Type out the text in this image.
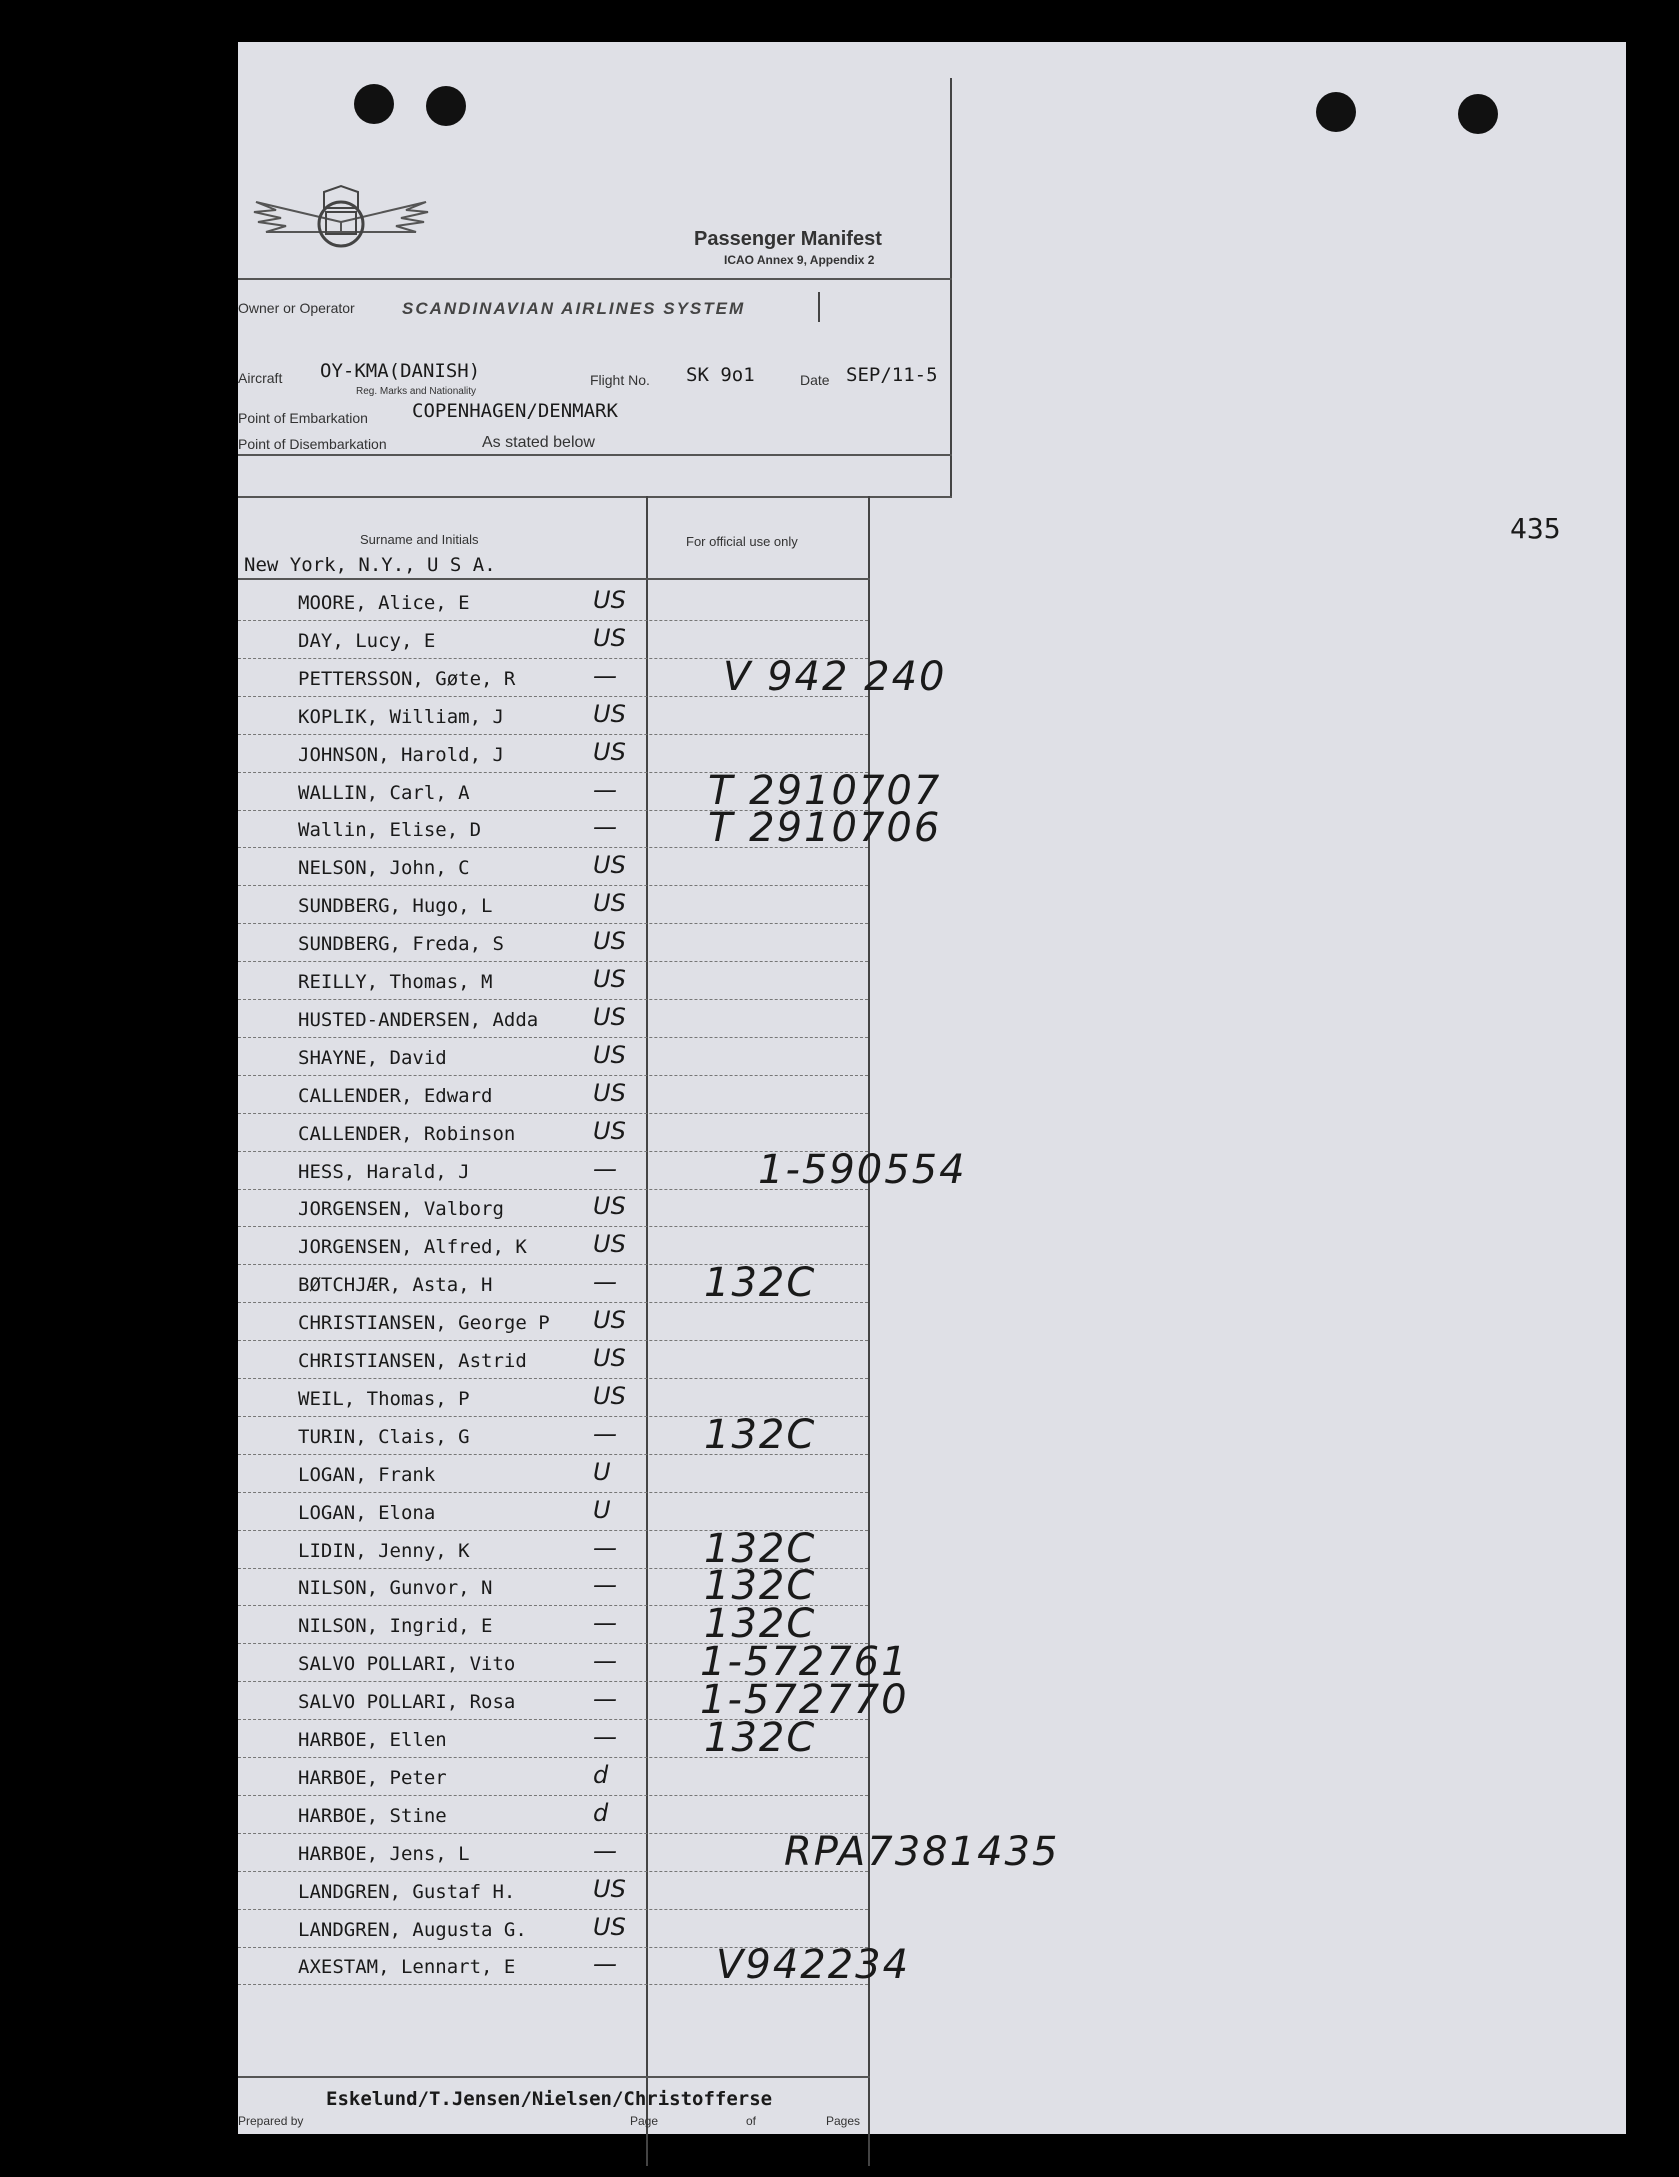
Passenger Manifest
ICAO Annex 9, Appendix 2
Owner or Operator	SCANDINAVIAN AIRLINES SYSTEM
Aircraft OY-KMA(DANISH)
Reg. Marks and Nationality
Flight No. SK 9o1	Date SEP/11-5
Point of Embarkation COPENHAGEN/DENMARK
Point of Disembarkation	As stated below
Surname and Initials	For official use only
New York, N.Y., U S A.
435
MOORE, Alice, E	US
DAY, Lucy, E	US
PETTERSSON, Gøte, R	—	V 942 240
KOPLIK, William, J	US
JOHNSON, Harold, J	US
WALLIN, Carl, A	— T 2910707
Wallin, Elise, D	— T 2910706
NELSON, John, C	US
SUNDBERG, Hugo, L	US
SUNDBERG, Freda, S	US
REILLY, Thomas, M	US
HUSTED-ANDERSEN, Adda US
SHAYNE, David	US
CALLENDER, Edward	US
CALLENDER, Robinson	US
HESS, Harald, J	—	1-590554
JORGENSEN, Valborg	US
JORGENSEN, Alfred, K	US
BØTCHJÆR, Asta, H	— 132C
CHRISTIANSEN, George P US
CHRISTIANSEN, Astrid	US
WEIL, Thomas, P	US
TURIN, Clais, G	— 132C
LOGAN, Frank	U
LOGAN, Elona	U
LIDIN, Jenny, K	— 132C
NILSON, Gunvor, N	— 132C
NILSON, Ingrid, E	— 132C
SALVO POLLARI, Vito	— 1-572761
SALVO POLLARI, Rosa	— 1-572770
HARBOE, Ellen	— 132C
HARBOE, Peter	d
HARBOE, Stine	d
HARBOE, Jens, L	—	RPA7381435
LANDGREN, Gustaf H.	US
LANDGREN, Augusta G.	US
AXESTAM, Lennart, E	— V942234
Eskelund/T.Jensen/Nielsen/Christofferse
Prepared by	Page	of	Pages
